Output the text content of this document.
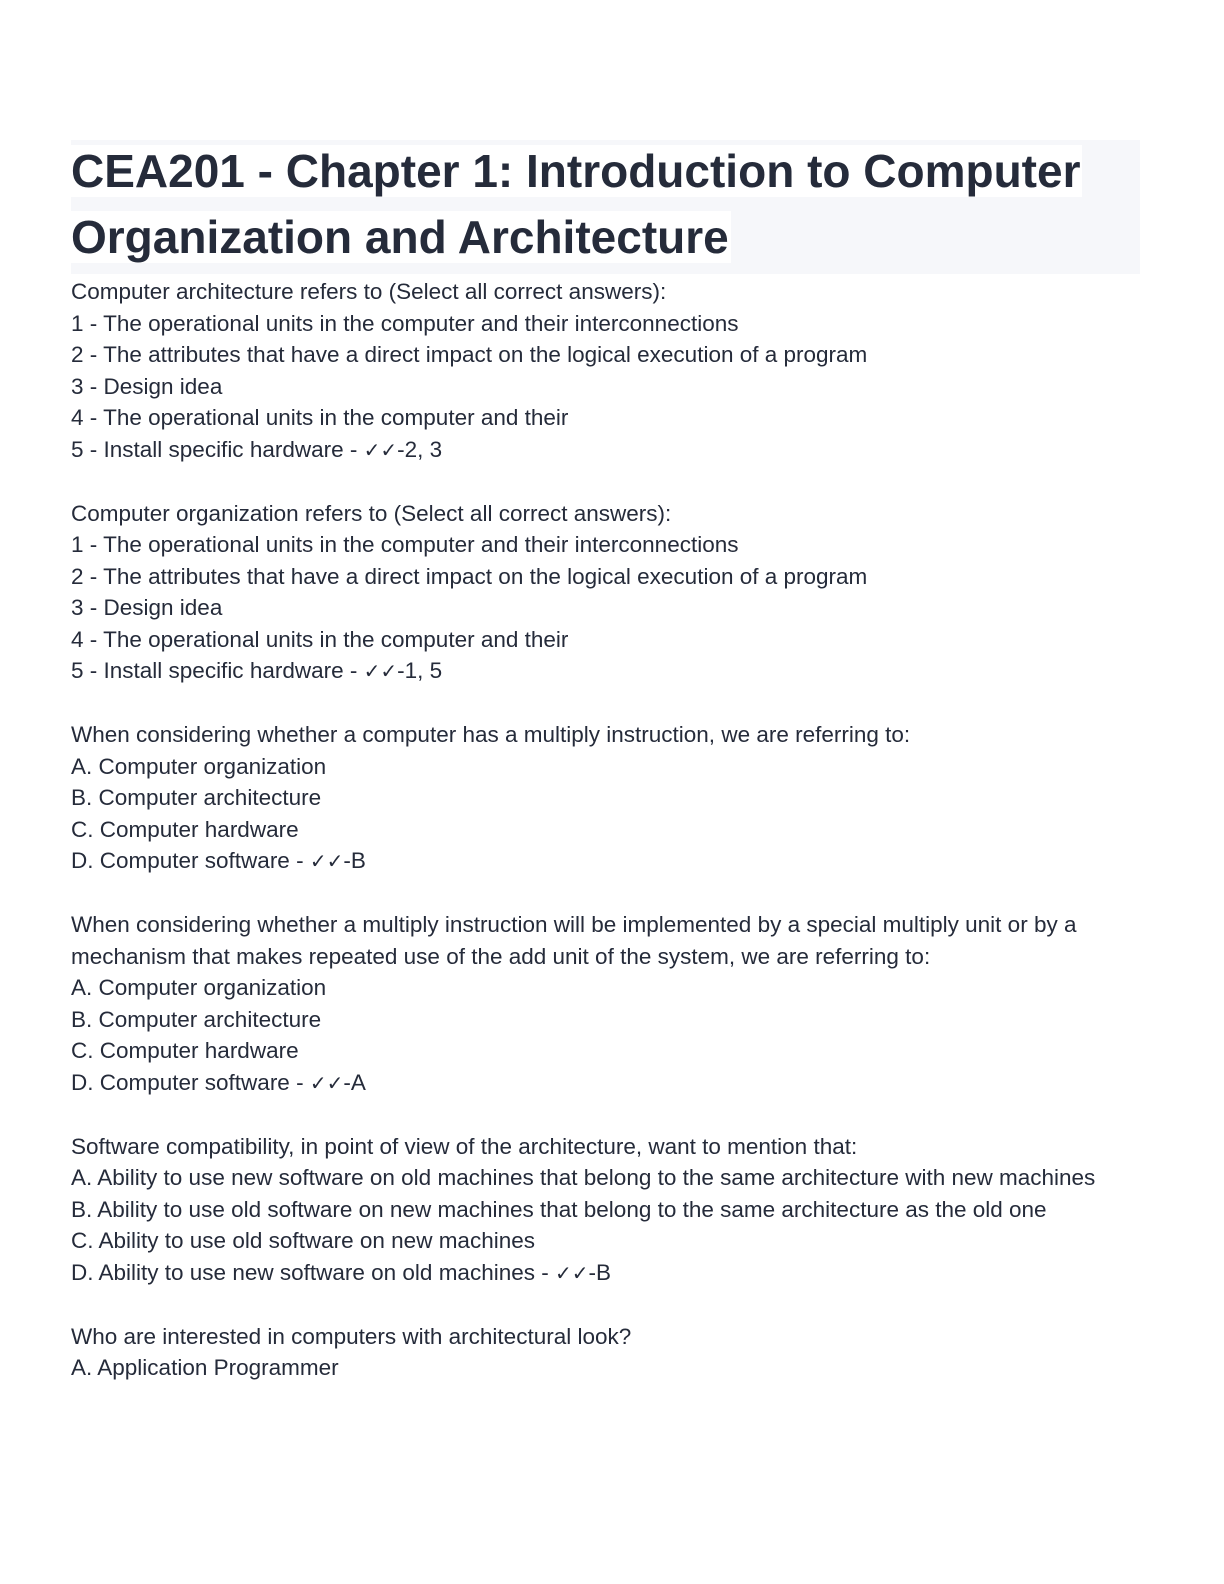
CEA201 - Chapter 1: Introduction to Computer Organization and Architecture

Computer architecture refers to (Select all correct answers):

1 - The operational units in the computer and their interconnections

2 - The attributes that have a direct impact on the logical execution of a program

3 - Design idea

4 - The operational units in the computer and their

5 - Install specific hardware - ✓✓-2, 3

Computer organization refers to (Select all correct answers):

1 - The operational units in the computer and their interconnections

2 - The attributes that have a direct impact on the logical execution of a program

3 - Design idea

4 - The operational units in the computer and their

5 - Install specific hardware - ✓✓-1, 5

When considering whether a computer has a multiply instruction, we are referring to:

A. Computer organization

B. Computer architecture

C. Computer hardware

D. Computer software - ✓✓-B

When considering whether a multiply instruction will be implemented by a special multiply unit or by a mechanism that makes repeated use of the add unit of the system, we are referring to:

A. Computer organization

B. Computer architecture

C. Computer hardware

D. Computer software - ✓✓-A

Software compatibility, in point of view of the architecture, want to mention that:

A. Ability to use new software on old machines that belong to the same architecture with new machines

B. Ability to use old software on new machines that belong to the same architecture as the old one

C. Ability to use old software on new machines

D. Ability to use new software on old machines - ✓✓-B

Who are interested in computers with architectural look?

A. Application Programmer
